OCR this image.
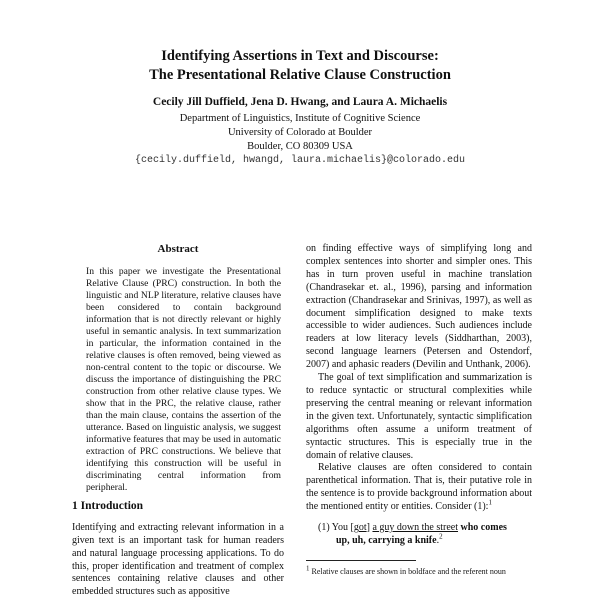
Identifying Assertions in Text and Discourse:
The Presentational Relative Clause Construction
Cecily Jill Duffield, Jena D. Hwang, and Laura A. Michaelis
Department of Linguistics, Institute of Cognitive Science
University of Colorado at Boulder
Boulder, CO 80309 USA
{cecily.duffield, hwangd, laura.michaelis}@colorado.edu
Abstract

In this paper we investigate the Presentational Relative Clause (PRC) construction. In both the linguistic and NLP literature, relative clauses have been considered to contain background information that is not directly relevant or highly useful in semantic analysis. In text summarization in particular, the information contained in the relative clauses is often removed, being viewed as non-central content to the topic or discourse. We discuss the importance of distinguishing the PRC construction from other relative clause types. We show that in the PRC, the relative clause, rather than the main clause, contains the assertion of the utterance. Based on linguistic analysis, we suggest informative features that may be used in automatic extraction of PRC constructions. We believe that identifying this construction will be useful in discriminating central information from peripheral.

1 Introduction

Identifying and extracting relevant information in a given text is an important task for human readers and natural language processing applications. To do this, proper identification and treatment of complex sentences containing relative clauses and other embedded structures such as appositive

on finding effective ways of simplifying long and complex sentences into shorter and simpler ones. This has in turn proven useful in machine translation (Chandrasekar et. al., 1996), parsing and information extraction (Chandrasekar and Srinivas, 1997), as well as document simplification designed to make texts accessible to wider audiences. Such audiences include readers at low literacy levels (Siddharthan, 2003), second language learners (Petersen and Ostendorf, 2007) and aphasic readers (Devilin and Unthank, 2006).

The goal of text simplification and summarization is to reduce syntactic or structural complexities while preserving the central meaning or relevant information in the given text. Unfortunately, syntactic simplification algorithms often assume a uniform treatment of syntactic structures. This is especially true in the domain of relative clauses.

Relative clauses are often considered to contain parenthetical information. That is, their putative role in the sentence is to provide background information about the mentioned entity or entities. Consider (1):$^1$

(1) You [got] a guy down the street who comes
up, uh, carrying a knife.$^2$
$^1$ Relative clauses are shown in boldface and the referent noun
